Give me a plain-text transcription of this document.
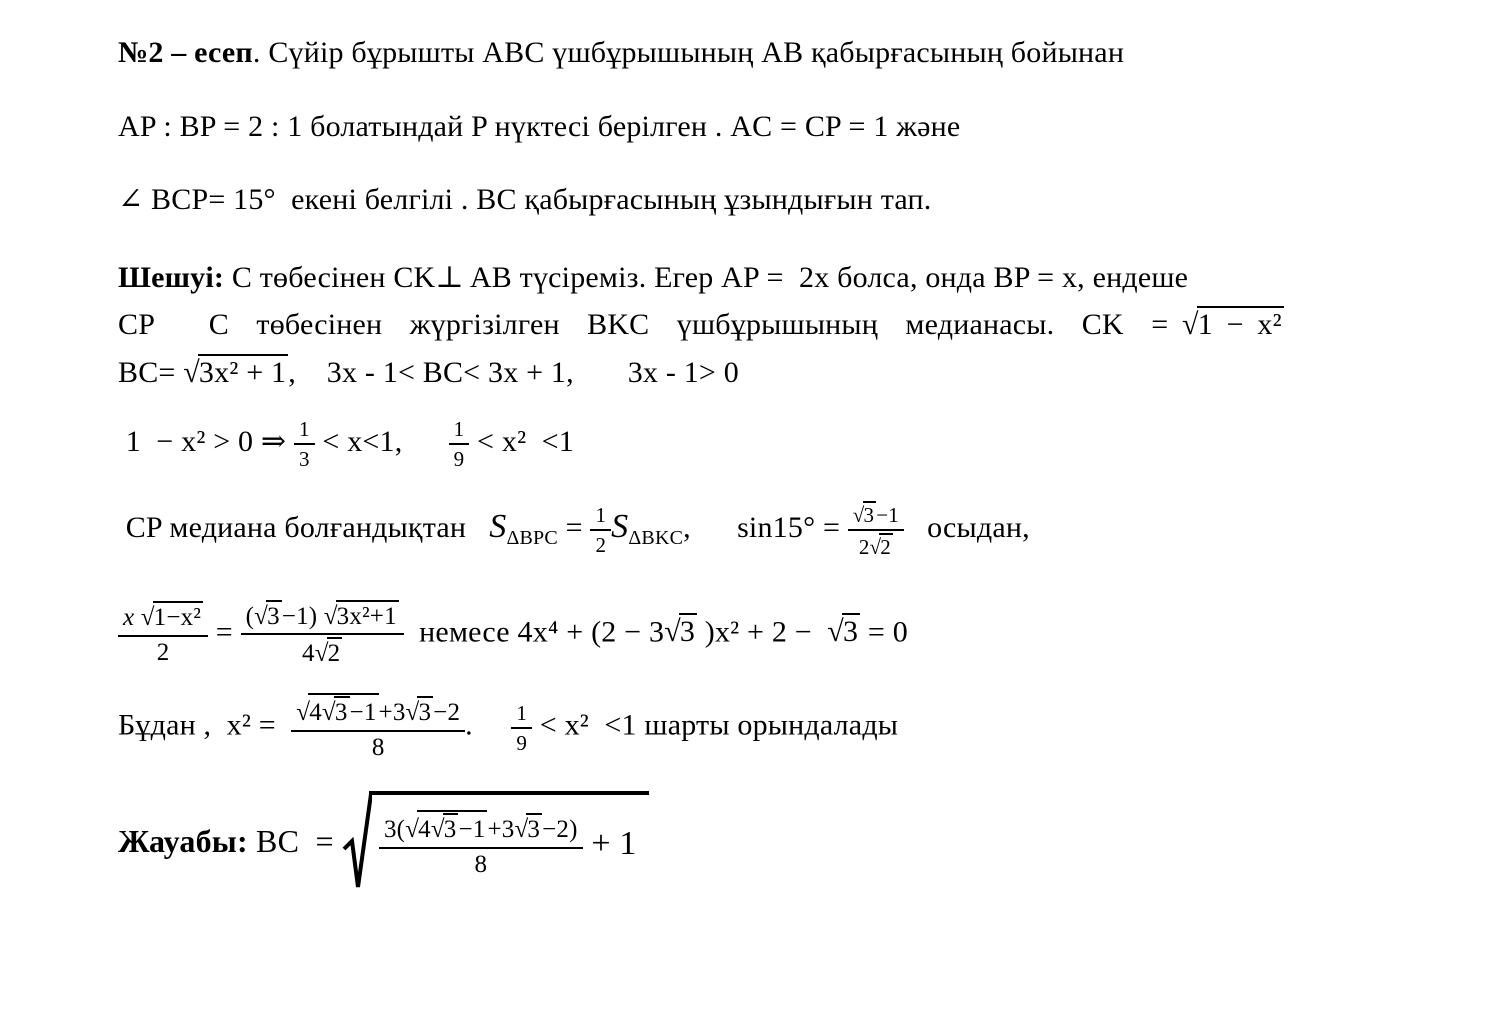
№2 – есеп. Сүйір бұрышты ABC үшбұрышының AB қабырғасының бойынан
AP : BP = 2 : 1 болатындай P нүктесі берілген . AC = CP = 1 және
∠ BCP= 15°  екені белгілі . BC қабырғасының ұзындығын тап.
Шешуі: C төбесінен CK⊥ AB түсіреміз. Егер AP =  2x болса, онда BP = x, ендеше
CP    C  төбесінен  жүргізілген  BKC  үшбұрышының  медианасы.  CK  = √1 − x²
BC= √3x² + 1,    3x - 1< BC< 3x + 1,       3x - 1> 0
1  − x² > 0 ⇒ $\frac{1}{3} < x<1$, $\frac{1}{9} < x^2 <1$
CP медиана болғандықтан   $S_{\Delta BPC} = \frac{1}{2} S_{\Delta BKC}$,      $\sin 15^\circ = \frac{√3-1}{2√2}$ осыдан,
$\frac{\text{x √1−x²}}{2} = \frac{\text{(√3−1) √3x²+1}}{4√2}$ немесе 4x⁴ + (2 − 3√3 )x² + 2 −  √3 = 0
Бұдан ,  $x^2 = \frac{√4√3-1+3√3-2}{8}$ . $\frac{1}{9} < x^2 <1$ шарты орындалады
Жауабы: BC  = $\frac{3(√4√3-1+3√3-2)}{8} + 1$
